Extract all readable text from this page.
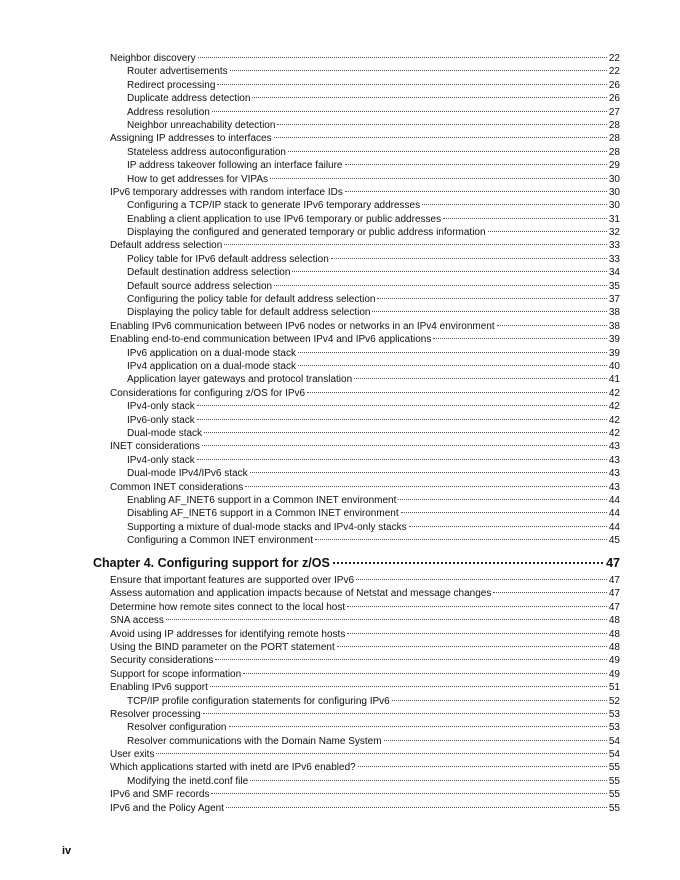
Neighbor discovery	22
Router advertisements	22
Redirect processing	26
Duplicate address detection	26
Address resolution	27
Neighbor unreachability detection	28
Assigning IP addresses to interfaces	28
Stateless address autoconfiguration	28
IP address takeover following an interface failure	29
How to get addresses for VIPAs	30
IPv6 temporary addresses with random interface IDs	30
Configuring a TCP/IP stack to generate IPv6 temporary addresses	30
Enabling a client application to use IPv6 temporary or public addresses	31
Displaying the configured and generated temporary or public address information	32
Default address selection	33
Policy table for IPv6 default address selection	33
Default destination address selection	34
Default source address selection	35
Configuring the policy table for default address selection	37
Displaying the policy table for default address selection	38
Enabling IPv6 communication between IPv6 nodes or networks in an IPv4 environment	38
Enabling end-to-end communication between IPv4 and IPv6 applications	39
IPv6 application on a dual-mode stack	39
IPv4 application on a dual-mode stack	40
Application layer gateways and protocol translation	41
Considerations for configuring z/OS for IPv6	42
IPv4-only stack	42
IPv6-only stack	42
Dual-mode stack	42
INET considerations	43
IPv4-only stack	43
Dual-mode IPv4/IPv6 stack	43
Common INET considerations	43
Enabling AF_INET6 support in a Common INET environment	44
Disabling AF_INET6 support in a Common INET environment	44
Supporting a mixture of dual-mode stacks and IPv4-only stacks	44
Configuring a Common INET environment	45
Chapter 4. Configuring support for z/OS	47
Ensure that important features are supported over IPv6	47
Assess automation and application impacts because of Netstat and message changes	47
Determine how remote sites connect to the local host	47
SNA access	48
Avoid using IP addresses for identifying remote hosts	48
Using the BIND parameter on the PORT statement	48
Security considerations	49
Support for scope information	49
Enabling IPv6 support	51
TCP/IP profile configuration statements for configuring IPv6	52
Resolver processing	53
Resolver configuration	53
Resolver communications with the Domain Name System	54
User exits	54
Which applications started with inetd are IPv6 enabled?	55
Modifying the inetd.conf file	55
IPv6 and SMF records	55
IPv6 and the Policy Agent	55
iv
